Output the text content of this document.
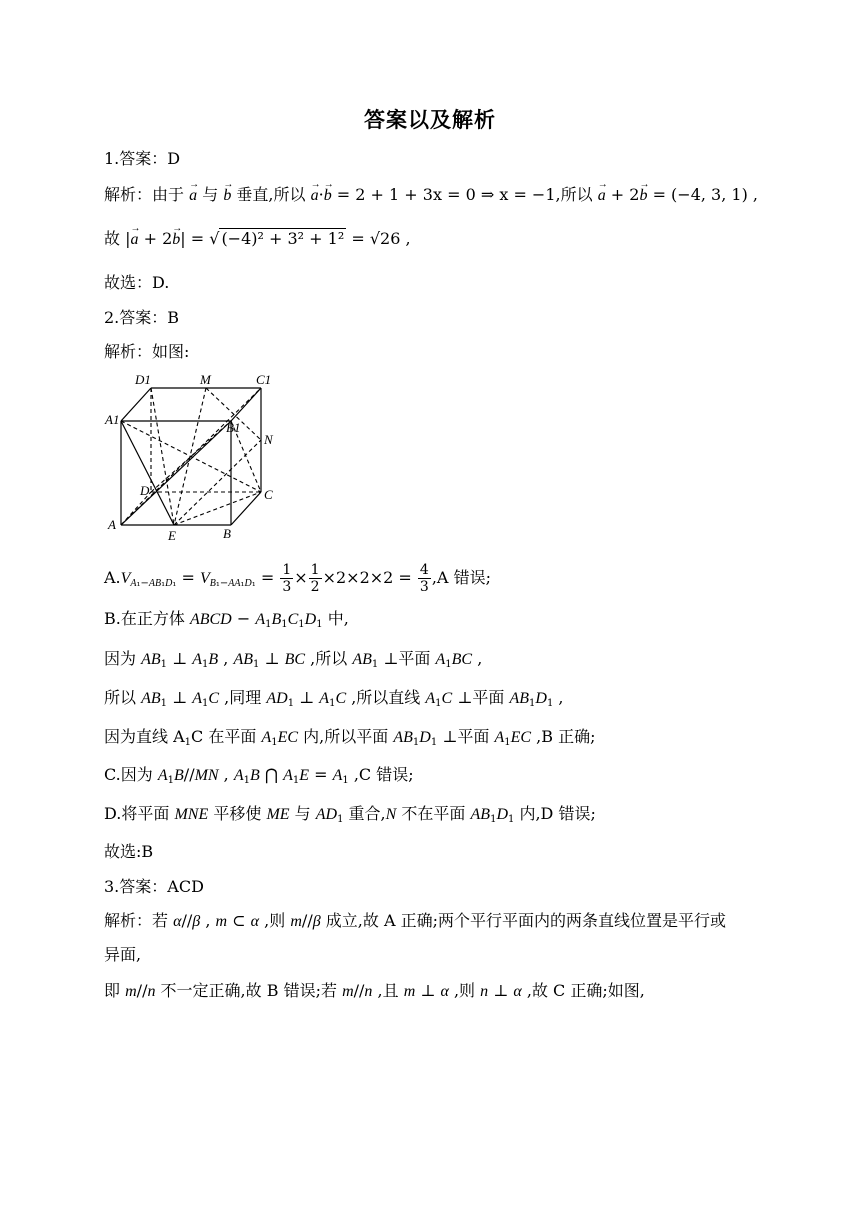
答案以及解析
1.答案：D
解析：由于 → a 与 → b 垂直,所以 → a·→ b = 2 + 1 + 3x = 0 ⇒ x = −1,所以 → a + 2→ b = (−4, 3, 1) ,
故 |→ a + 2→ b| = √ (−4)² + 3² + 1² = √26 ,
故选：D.
2.答案：B
解析：如图:
D1	M	C1
A1
B1
N
D	C
A
E	B
$A.V_{A_1-AB_1D_1} = V_{B_1-AA_1D_1} = \frac{1}{3} \times \frac{1}{2} \times 2\times 2\times 2 = \frac{4}{3} ,A$ 错误;
B.在正方体 ABCD − $A_1B_1C_1D_1$ 中,
因为 $AB_1$ ⊥ $A_1B$ , $AB_1$ ⊥ BC ,所以 $AB_1$ ⊥平面 $A_1BC$ ,
所以 $AB_1$ ⊥ $A_1C$ ,同理 $AD_1$ ⊥ $A_1C$ ,所以直线 $A_1C$ ⊥平面 $AB_1D_1$ ,
因为直线 $A_1C$ 在平面 $A_1EC$ 内,所以平面 $AB_1D_1$ ⊥平面 $A_1EC$ ,B 正确;
C.因为 $A_1B//MN$ , $A_1B$ ⋂ $A_1E = A_1$ ,C 错误;
D.将平面 MNE 平移使 ME 与 $AD_1$ 重合,N 不在平面 $AB_1D_1$ 内,D 错误;
故选:B
3.答案：ACD
解析：若 α//β , m ⊂ α ,则 m//β 成立,故 A 正确;两个平行平面内的两条直线位置是平行或
异面,
即 m//n 不一定正确,故 B 错误;若 m//n ,且 m ⊥ α ,则 n ⊥ α ,故 C 正确;如图,
